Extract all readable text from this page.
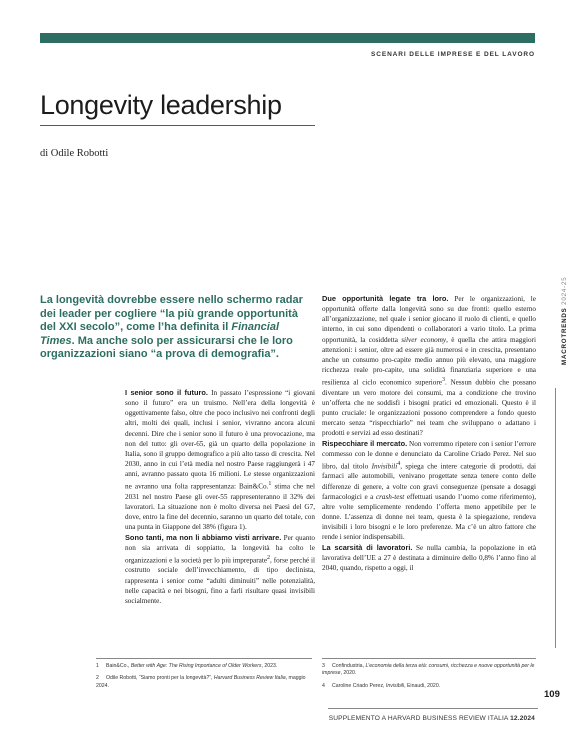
SCENARI DELLE IMPRESE E DEL LAVORO
Longevity leadership
di Odile Robotti

La longevità dovrebbe essere nello schermo radar dei leader per cogliere “la più grande opportunità del XXI secolo”, come l’ha definita il Financial Times. Ma anche solo per assicurarsi che le loro organizzazioni siano “a prova di demografia”.

I senior sono il futuro. In passato l’espressione “i giovani sono il futuro” era un truismo. Nell’era della longevità è oggettivamente falso, oltre che poco inclusivo nei confronti degli altri, molti dei quali, inclusi i senior, vivranno ancora alcuni decenni. Dire che i senior sono il futuro è una provocazione, ma non del tutto: gli over-65, già un quarto della popolazione in Italia, sono il gruppo demografico a più alto tasso di crescita. Nel 2030, anno in cui l’età media nel nostro Paese raggiungerà i 47 anni, avranno passato quota 16 milioni. Le stesse organizzazioni ne avranno una folta rappresentanza: Bain&Co.$^1$ stima che nel 2031 nel nostro Paese gli over-55 rappresenteranno il 32% dei lavoratori. La situazione non è molto diversa nei Paesi del G7, dove, entro la fine del decennio, saranno un quarto del totale, con una punta in Giappone del 38% (figura 1).

Sono tanti, ma non li abbiamo visti arrivare. Per quanto non sia arrivata di soppiatto, la longevità ha colto le organizzazioni e la società per lo più impreparate$^2$, forse perché il costrutto sociale dell’invecchiamento, di tipo declinista, rappresenta i senior come “adulti diminuiti” nelle potenzialità, nelle capacità e nei bisogni, fino a farli risultare quasi invisibili socialmente.

Due opportunità legate tra loro. Per le organizzazioni, le opportunità offerte dalla longevità sono su due fronti: quello esterno all’organizzazione, nel quale i senior giocano il ruolo di clienti, e quello interno, in cui sono dipendenti o collaboratori a vario titolo. La prima opportunità, la cosiddetta silver economy, è quella che attira maggiori attenzioni: i senior, oltre ad essere già numerosi e in crescita, presentano anche un consumo pro-capite medio annuo più elevato, una maggiore ricchezza reale pro-capite, una solidità finanziaria superiore e una resilienza al ciclo economico superiore$^3$. Nessun dubbio che possano diventare un vero motore dei consumi, ma a condizione che trovino un’offerta che ne soddisfi i bisogni pratici ed emozionali. Questo è il punto cruciale: le organizzazioni possono comprendere a fondo questo mercato senza “rispecchiarlo” nei team che sviluppano o adattano i prodotti e servizi ad esso destinati?

Rispecchiare il mercato. Non vorremmo ripetere con i senior l’errore commesso con le donne e denunciato da Caroline Criado Perez. Nel suo libro, dal titolo Invisibili$^4$, spiega che intere categorie di prodotti, dai farmaci alle automobili, venivano progettate senza tenere conto delle differenze di genere, a volte con gravi conseguenze (pensate a dosaggi farmacologici e a crash-test effettuati usando l’uomo come riferimento), altre volte semplicemente rendendo l’offerta meno appetibile per le donne. L’assenza di donne nei team, questa è la spiegazione, rendeva invisibili i loro bisogni e le loro preferenze. Ma c’è un altro fattore che rende i senior indispensabili.

La scarsità di lavoratori. Se nulla cambia, la popolazione in età lavorativa dell’UE a 27 è destinata a diminuire dello 0,8% l’anno fino al 2040, quando, rispetto a oggi, il

1 Bain&Co., Better with Age: The Rising Importance of Older Workers, 2023.

2 Odile Robotti, “Siamo pronti per la longevità?”, Harvard Business Review Italia, maggio 2024.

3 Confindustria, L’economia della terza età: consumi, ricchezza e nuove opportunità per le imprese, 2020.

4 Caroline Criado Perez, Invisibili, Einaudi, 2020.

MACROTRENDS 2024-25
109
SUPPLEMENTO A HARVARD BUSINESS REVIEW ITALIA 12.2024
